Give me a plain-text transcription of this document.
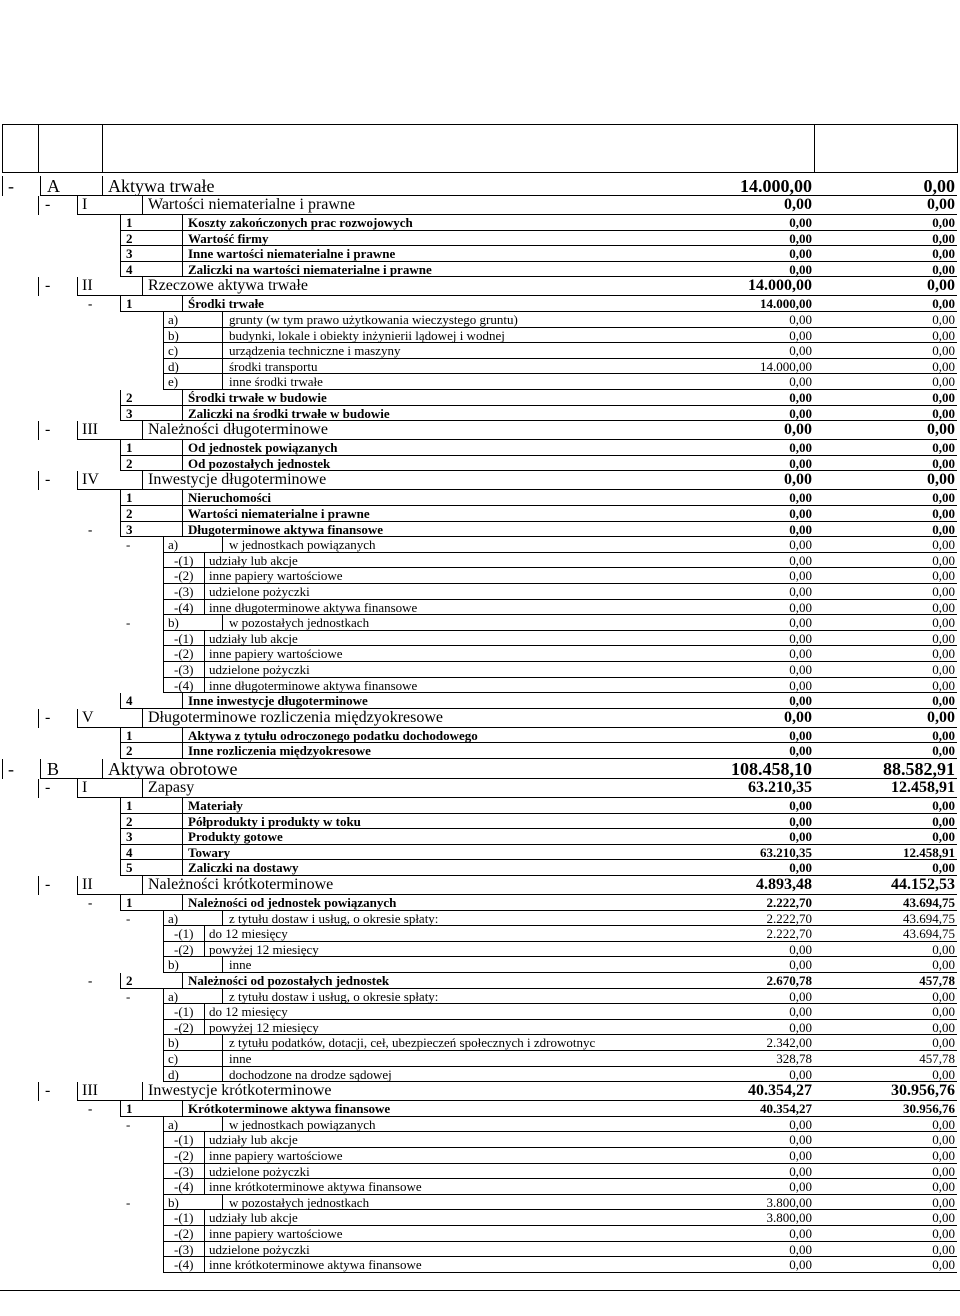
- A	Aktywa trwałe	14.000,00	0,00
- I	Wartości niematerialne i prawne	0,00	0,00
1	Koszty zakończonych prac rozwojowych	0,00	0,00
2	Wartość firmy	0,00	0,00
3	Inne wartości niematerialne i prawne	0,00	0,00
4	Zaliczki na wartości niematerialne i prawne	0,00	0,00
- II	Rzeczowe aktywa trwałe	14.000,00	0,00
-	1	Środki trwałe	14.000,00	0,00
a)	grunty (w tym prawo użytkowania wieczystego gruntu)	0,00	0,00
b)	budynki, lokale i obiekty inżynierii lądowej i wodnej	0,00	0,00
c)	urządzenia techniczne i maszyny	0,00	0,00
d)	środki transportu	14.000,00	0,00
e)	inne środki trwałe	0,00	0,00
2	Środki trwałe w budowie	0,00	0,00
3	Zaliczki na środki trwałe w budowie	0,00	0,00
- III	Należności długoterminowe	0,00	0,00
1	Od jednostek powiązanych	0,00	0,00
2	Od pozostałych jednostek	0,00	0,00
- IV	Inwestycje długoterminowe	0,00	0,00
1	Nieruchomości	0,00	0,00
2	Wartości niematerialne i prawne	0,00	0,00
-	3	Długoterminowe aktywa finansowe	0,00	0,00
-	a)	w jednostkach powiązanych	0,00	0,00
-(1) udziały lub akcje	0,00	0,00
-(2) inne papiery wartościowe	0,00	0,00
-(3) udzielone pożyczki	0,00	0,00
-(4) inne długoterminowe aktywa finansowe	0,00	0,00
-	b)	w pozostałych jednostkach	0,00	0,00
-(1) udziały lub akcje	0,00	0,00
-(2) inne papiery wartościowe	0,00	0,00
-(3) udzielone pożyczki	0,00	0,00
-(4) inne długoterminowe aktywa finansowe	0,00	0,00
4	Inne inwestycje długoterminowe	0,00	0,00
- V	Długoterminowe rozliczenia międzyokresowe	0,00	0,00
1	Aktywa z tytułu odroczonego podatku dochodowego	0,00	0,00
2	Inne rozliczenia międzyokresowe	0,00	0,00
- B	Aktywa obrotowe	108.458,10	88.582,91
- I	Zapasy	63.210,35	12.458,91
1	Materiały	0,00	0,00
2	Półprodukty i produkty w toku	0,00	0,00
3	Produkty gotowe	0,00	0,00
4	Towary	63.210,35	12.458,91
5	Zaliczki na dostawy	0,00	0,00
- II	Należności krótkoterminowe	4.893,48	44.152,53
-	1	Należności od jednostek powiązanych	2.222,70	43.694,75
-	a)	z tytułu dostaw i usług, o okresie spłaty:	2.222,70	43.694,75
-(1) do 12 miesięcy	2.222,70	43.694,75
-(2) powyżej 12 miesięcy	0,00	0,00
b)	inne	0,00	0,00
-	2	Należności od pozostałych jednostek	2.670,78	457,78
-	a)	z tytułu dostaw i usług, o okresie spłaty:	0,00	0,00
-(1) do 12 miesięcy	0,00	0,00
-(2) powyżej 12 miesięcy	0,00	0,00
b)	z tytułu podatków, dotacji, ceł, ubezpieczeń społecznych i zdrowotnyc	2.342,00	0,00
c)	inne	328,78	457,78
d)	dochodzone na drodze sądowej	0,00	0,00
- III	Inwestycje krótkoterminowe	40.354,27	30.956,76
-	1	Krótkoterminowe aktywa finansowe	40.354,27	30.956,76
-	a)	w jednostkach powiązanych	0,00	0,00
-(1) udziały lub akcje	0,00	0,00
-(2) inne papiery wartościowe	0,00	0,00
-(3) udzielone pożyczki	0,00	0,00
-(4) inne krótkoterminowe aktywa finansowe	0,00	0,00
-	b)	w pozostałych jednostkach	3.800,00	0,00
-(1) udziały lub akcje	3.800,00	0,00
-(2) inne papiery wartościowe	0,00	0,00
-(3) udzielone pożyczki	0,00	0,00
-(4) inne krótkoterminowe aktywa finansowe	0,00	0,00
